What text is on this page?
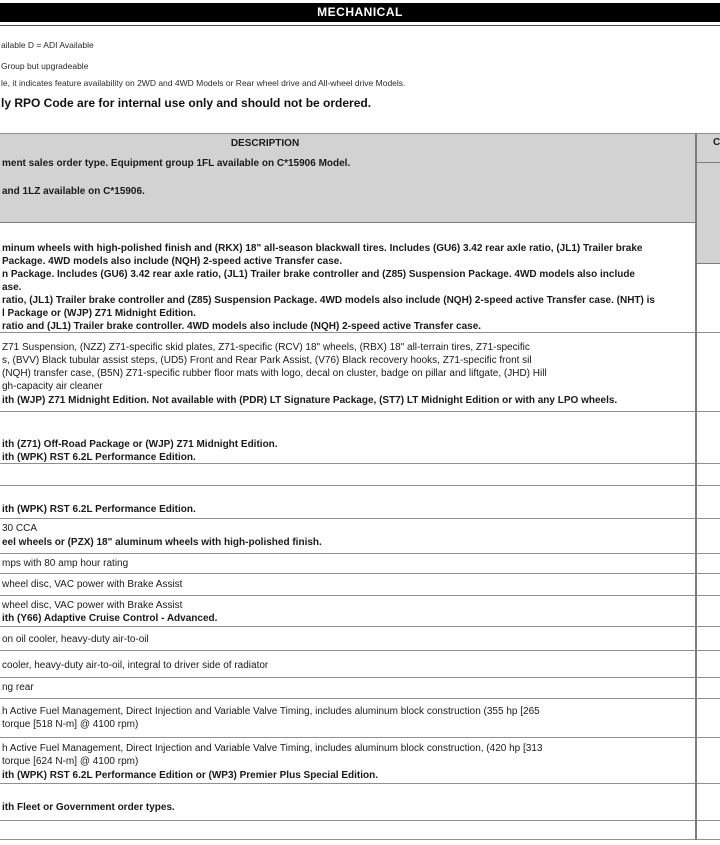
MECHANICAL
ailable D = ADI Available
Group but upgradeable
le, it indicates feature availability on 2WD and 4WD Models or Rear wheel drive and All-wheel drive Models.
ly RPO Code are for internal use only and should not be ordered.
DESCRIPTION
ment sales order type. Equipment group 1FL available on C*15906 Model.
and 1LZ available on C*15906.
C
minum wheels with high-polished finish and (RKX) 18" all-season blackwall tires. Includes (GU6) 3.42 rear axle ratio, (JL1) Trailer brake
Package. 4WD models also include (NQH) 2-speed active Transfer case.
n Package. Includes (GU6) 3.42 rear axle ratio, (JL1) Trailer brake controller and (Z85) Suspension Package. 4WD models also include
ase.
ratio, (JL1) Trailer brake controller and (Z85) Suspension Package. 4WD models also include (NQH) 2-speed active Transfer case. (NHT) is
l Package or (WJP) Z71 Midnight Edition.
ratio and (JL1) Trailer brake controller. 4WD models also include (NQH) 2-speed active Transfer case.
Z71 Suspension, (NZZ) Z71-specific skid plates, Z71-specific (RCV) 18" wheels, (RBX) 18" all-terrain tires, Z71-specific
s, (BVV) Black tubular assist steps, (UD5) Front and Rear Park Assist, (V76) Black recovery hooks, Z71-specific front sil
(NQH) transfer case, (B5N) Z71-specific rubber floor mats with logo, decal on cluster, badge on pillar and liftgate, (JHD) Hill
gh-capacity air cleaner
ith (WJP) Z71 Midnight Edition. Not available with (PDR) LT Signature Package, (ST7) LT Midnight Edition or with any LPO wheels.
ith (Z71) Off-Road Package or (WJP) Z71 Midnight Edition.
ith (WPK) RST 6.2L Performance Edition.
ith (WPK) RST 6.2L Performance Edition.
30 CCA
eel wheels or (PZX) 18" aluminum wheels with high-polished finish.
mps with 80 amp hour rating
wheel disc, VAC power with Brake Assist
wheel disc, VAC power with Brake Assist
ith (Y66) Adaptive Cruise Control - Advanced.
on oil cooler, heavy-duty air-to-oil
cooler, heavy-duty air-to-oil, integral to driver side of radiator
ng rear
h Active Fuel Management, Direct Injection and Variable Valve Timing, includes aluminum block construction (355 hp [265
torque [518 N-m] @ 4100 rpm)
h Active Fuel Management, Direct Injection and Variable Valve Timing, includes aluminum block construction, (420 hp [313
torque [624 N-m] @ 4100 rpm)
ith (WPK) RST 6.2L Performance Edition or (WP3) Premier Plus Special Edition.
ith Fleet or Government order types.
